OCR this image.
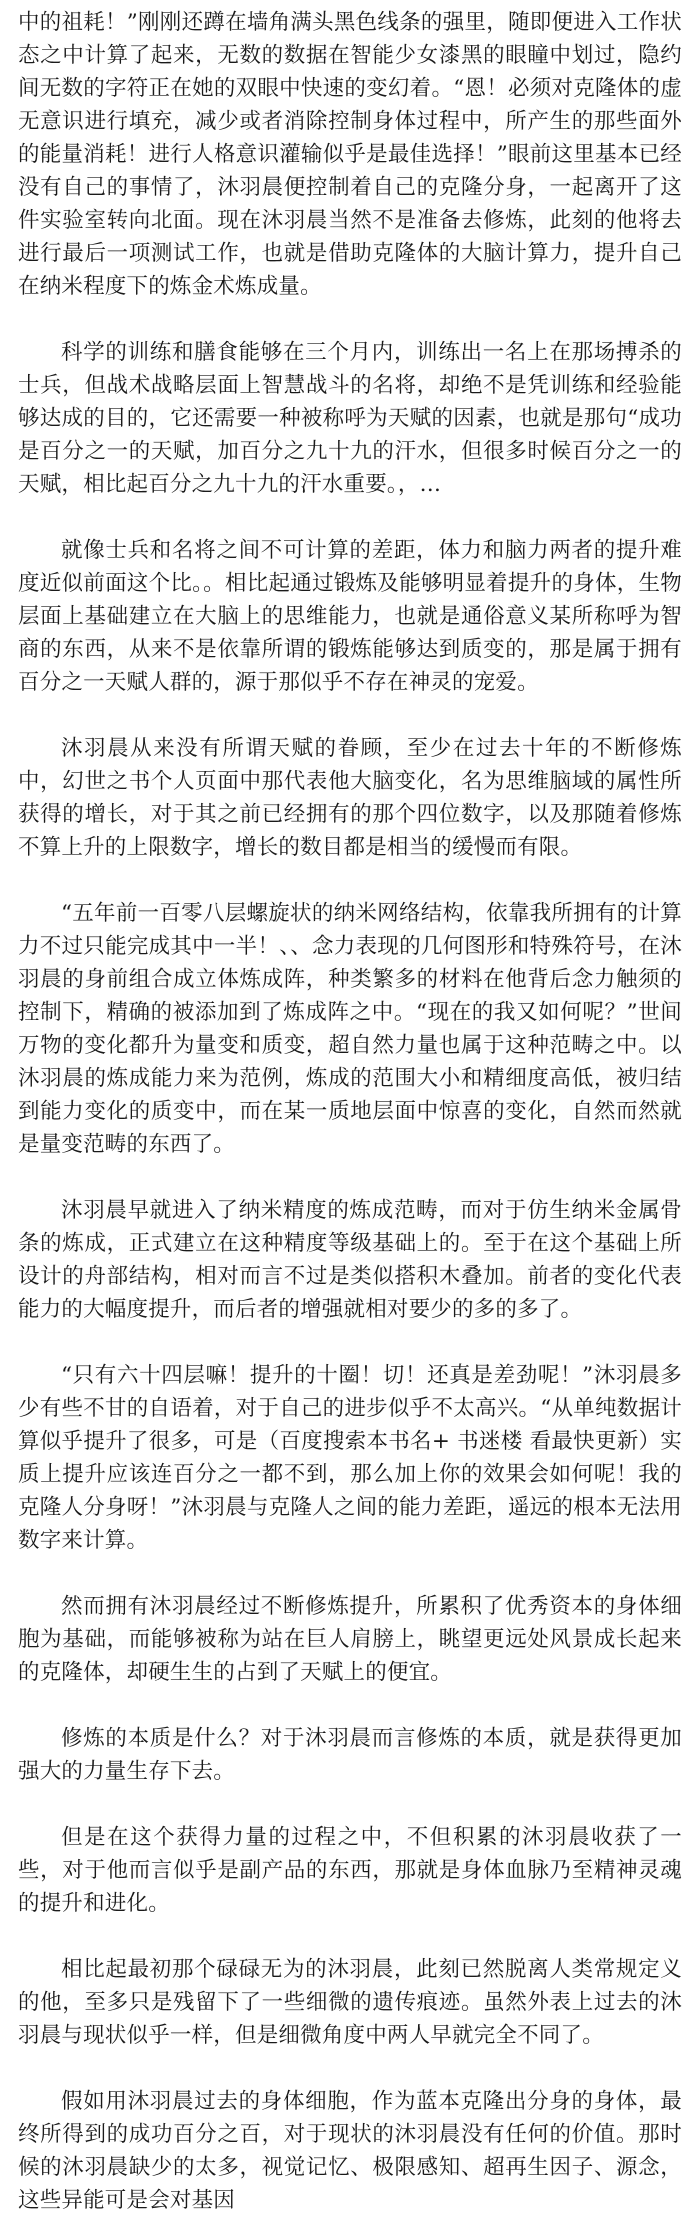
中的祖耗！”刚刚还蹲在墙角满头黑色线条的强里，随即便进入工作状态之中计算了起来，无数的数据在智能少女漆黑的眼瞳中划过，隐约间无数的字符正在她的双眼中快速的变幻着。“恩！必须对克隆体的虚无意识进行填充，减少或者消除控制身体过程中，所产生的那些面外的能量消耗！进行人格意识灌输似乎是最佳选择！”眼前这里基本已经没有自己的事情了，沐羽晨便控制着自己的克隆分身，一起离开了这件实验室转向北面。现在沐羽晨当然不是准备去修炼，此刻的他将去进行最后一项测试工作，也就是借助克隆体的大脑计算力，提升自己在纳米程度下的炼金术炼成量。

科学的训练和膳食能够在三个月内，训练出一名上在那场搏杀的士兵，但战术战略层面上智慧战斗的名将，却绝不是凭训练和经验能够达成的目的，它还需要一种被称呼为天赋的因素，也就是那句“成功是百分之一的天赋，加百分之九十九的汗水，但很多时候百分之一的天赋，相比起百分之九十九的汗水重要。，…

就像士兵和名将之间不可计算的差距，体力和脑力两者的提升难度近似前面这个比。。相比起通过锻炼及能够明显着提升的身体，生物层面上基础建立在大脑上的思维能力，也就是通俗意义某所称呼为智商的东西，从来不是依靠所谓的锻炼能够达到质变的，那是属于拥有百分之一天赋人群的，源于那似乎不存在神灵的宠爱。

沐羽晨从来没有所谓天赋的眷顾，至少在过去十年的不断修炼中，幻世之书个人页面中那代表他大脑变化，名为思维脑域的属性所获得的增长，对于其之前已经拥有的那个四位数字，以及那随着修炼不算上升的上限数字，增长的数目都是相当的缓慢而有限。

“五年前一百零八层螺旋状的纳米网络结构，依靠我所拥有的计算力不过只能完成其中一半！、、念力表现的几何图形和特殊符号，在沐羽晨的身前组合成立体炼成阵，种类繁多的材料在他背后念力触须的控制下，精确的被添加到了炼成阵之中。“现在的我又如何呢？”世间万物的变化都升为量变和质变，超自然力量也属于这种范畴之中。以沐羽晨的炼成能力来为范例，炼成的范围大小和精细度高低，被归结到能力变化的质变中，而在某一质地层面中惊喜的变化，自然而然就是量变范畴的东西了。

沐羽晨早就进入了纳米精度的炼成范畴，而对于仿生纳米金属骨条的炼成，正式建立在这种精度等级基础上的。至于在这个基础上所设计的舟部结构，相对而言不过是类似搭积木叠加。前者的变化代表能力的大幅度提升，而后者的增强就相对要少的多的多了。

“只有六十四层嘛！提升的十圈！切！还真是差劲呢！”沐羽晨多少有些不甘的自语着，对于自己的进步似乎不太高兴。“从单纯数据计算似乎提升了很多，可是（百度搜索本书名+ 书迷楼 看最快更新）实质上提升应该连百分之一都不到，那么加上你的效果会如何呢！我的克隆人分身呀！”沐羽晨与克隆人之间的能力差距，遥远的根本无法用数字来计算。

然而拥有沐羽晨经过不断修炼提升，所累积了优秀资本的身体细胞为基础，而能够被称为站在巨人肩膀上，眺望更远处风景成长起来的克隆体，却硬生生的占到了天赋上的便宜。

修炼的本质是什么？对于沐羽晨而言修炼的本质，就是获得更加强大的力量生存下去。

但是在这个获得力量的过程之中，不但积累的沐羽晨收获了一些，对于他而言似乎是副产品的东西，那就是身体血脉乃至精神灵魂的提升和进化。

相比起最初那个碌碌无为的沐羽晨，此刻已然脱离人类常规定义的他，至多只是残留下了一些细微的遗传痕迹。虽然外表上过去的沐羽晨与现状似乎一样，但是细微角度中两人早就完全不同了。

假如用沐羽晨过去的身体细胞，作为蓝本克隆出分身的身体，最终所得到的成功百分之百，对于现状的沐羽晨没有任何的价值。那时候的沐羽晨缺少的太多，视觉记忆、极限感知、超再生因子、源念，这些异能可是会对基因
